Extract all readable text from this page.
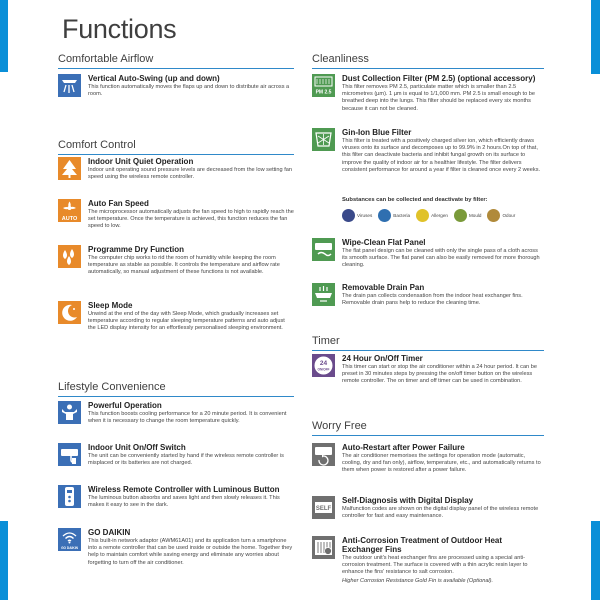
Functions
Comfortable Airflow
Vertical Auto-Swing (up and down)
This function automatically moves the flaps up and down to distribute air across a room.
Comfort Control
Indoor Unit Quiet Operation
Indoor unit operating sound pressure levels are decreased from the low setting fan speed using the wireless remote controller.
AUTO
Auto Fan Speed
The microprocessor automatically adjusts the fan speed to high to rapidly reach the set temperature. Once the temperature is achieved, this function reduces the fan speed to low.
Programme Dry Function
The computer chip works to rid the room of humidity while keeping the room temperature as stable as possible. It controls the temperature and airflow rate automatically, so manual adjustment of these functions is not available.
Sleep Mode
Unwind at the end of the day with Sleep Mode, which gradually increases set temperature according to regular sleeping temperature patterns and auto adjust the LED display intensity for an effortlessly personalised sleeping environment.
Lifestyle Convenience
Powerful Operation
This function boosts cooling performance for a 20 minute period. It is convenient when it is necessary to change the room temperature quickly.
Indoor Unit On/Off Switch
The unit can be conveniently started by hand if the wireless remote controller is misplaced or its batteries are not charged.
Wireless Remote Controller with Luminous Button
The luminous button absorbs and saves light and then slowly releases it. This makes it easy to see in the dark.
GO DAIKIN
GO DAIKIN
This built-in network adaptor (AWM61A01) and its application turn a smartphone into a remote controller that can be used inside or outside the home. Together they help to maintain comfort while saving energy and eliminate any worries about forgetting to turn off the air conditioner.
Cleanliness
PM 2.5
Dust Collection Filter (PM 2.5) (optional accessory)
This filter removes PM 2.5, particulate matter which is smaller than 2.5 micrometres (µm). 1 µm is equal to 1/1,000 mm. PM 2.5 is small enough to be breathed deep into the lungs. This filter should be replaced every six months because it can not be cleaned.
Gin-Ion Blue Filter
This filter is treated with a positively charged silver ion, which efficiently draws viruses onto its surface and decomposes up to 99.9% in 2 hours.On top of that, this filter can deactivate bacteria and inhibit fungal growth on its surface to improve the quality of indoor air for a healthier lifestyle. The filter delivers consistent performance for around a year if filter is cleaned once every 2 weeks.
Substances can be collected and deactivate by filter:
Viruses	Bacteria	Allergen	Mould	Odour
Wipe-Clean Flat Panel
The flat panel design can be cleaned with only the single pass of a cloth across its smooth surface. The flat panel can also be easily removed for more thorough cleaning.
Removable Drain Pan
The drain pan collects condensation from the indoor heat exchanger fins. Removable drain pans help to reduce the cleaning time.
Timer
24
ON/OFF
24 Hour On/Off Timer
This timer can start or stop the air conditioner within a 24 hour period. It can be preset in 30 minutes steps by pressing the on/off timer button on the wireless remote controller. The on timer and off timer can be used in combination.
Worry Free
Auto-Restart after Power Failure
The air conditioner memorises the settings for operation mode (automatic, cooling, dry and fan only), airflow, temperature, etc., and automatically returns to them when power is restored after a power failure.
SELF
Self-Diagnosis with Digital Display
Malfunction codes are shown on the digital display panel of the wireless remote controller for fast and easy maintenance.
Anti-Corrosion Treatment of Outdoor Heat Exchanger Fins
The outdoor unit's heat exchanger fins are processed using a special anti-corrosion treatment. The surface is covered with a thin acrylic resin layer to enhance the fins' resistance to salt corrosion.
Higher Corrosion Resistance Gold Fin is available (Optional).
